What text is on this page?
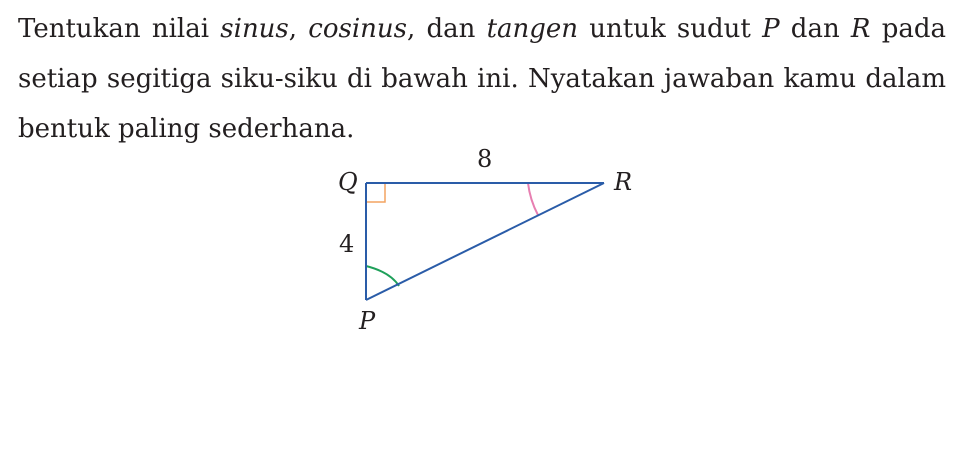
Tentukan nilai sinus, cosinus, dan tangen untuk sudut P dan R pada setiap segitiga siku-siku di bawah ini. Nyatakan jawaban kamu dalam bentuk paling sederhana.

8
Q	R
4
P
